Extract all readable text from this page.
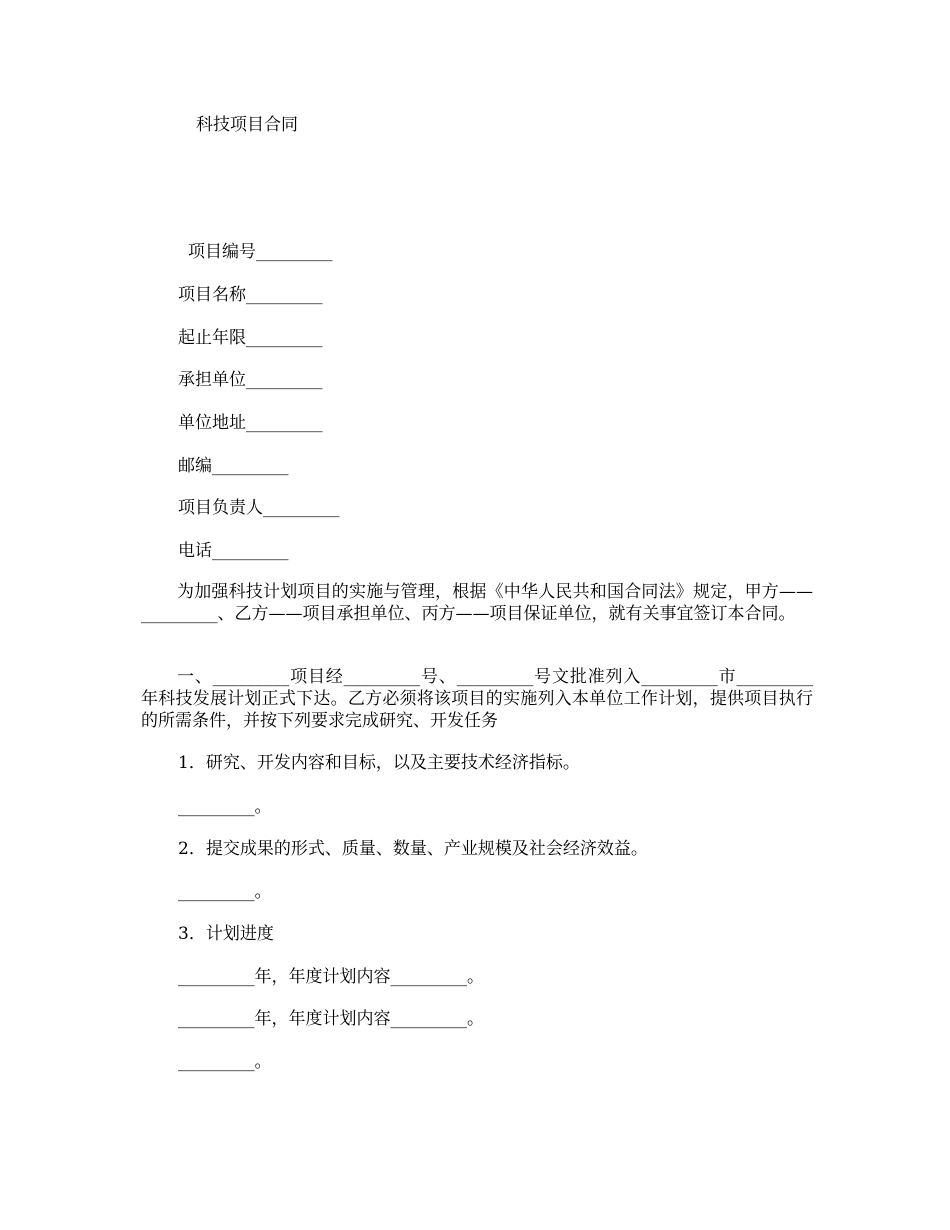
科技项目合同
项目编号_________
项目名称_________
起止年限_________
承担单位_________
单位地址_________
邮编_________
项目负责人_________
电话_________
为加强科技计划项目的实施与管理，根据《中华人民共和国合同法》规定，甲方——_________、乙方——项目承担单位、丙方——项目保证单位，就有关事宜签订本合同。
一、_________项目经_________号、_________号文批准列入_________市_________年科技发展计划正式下达。乙方必须将该项目的实施列入本单位工作计划，提供项目执行的所需条件，并按下列要求完成研究、开发任务
1．研究、开发内容和目标，以及主要技术经济指标。
_________。
2．提交成果的形式、质量、数量、产业规模及社会经济效益。
_________。
3．计划进度
_________年，年度计划内容_________。
_________年，年度计划内容_________。
_________。
